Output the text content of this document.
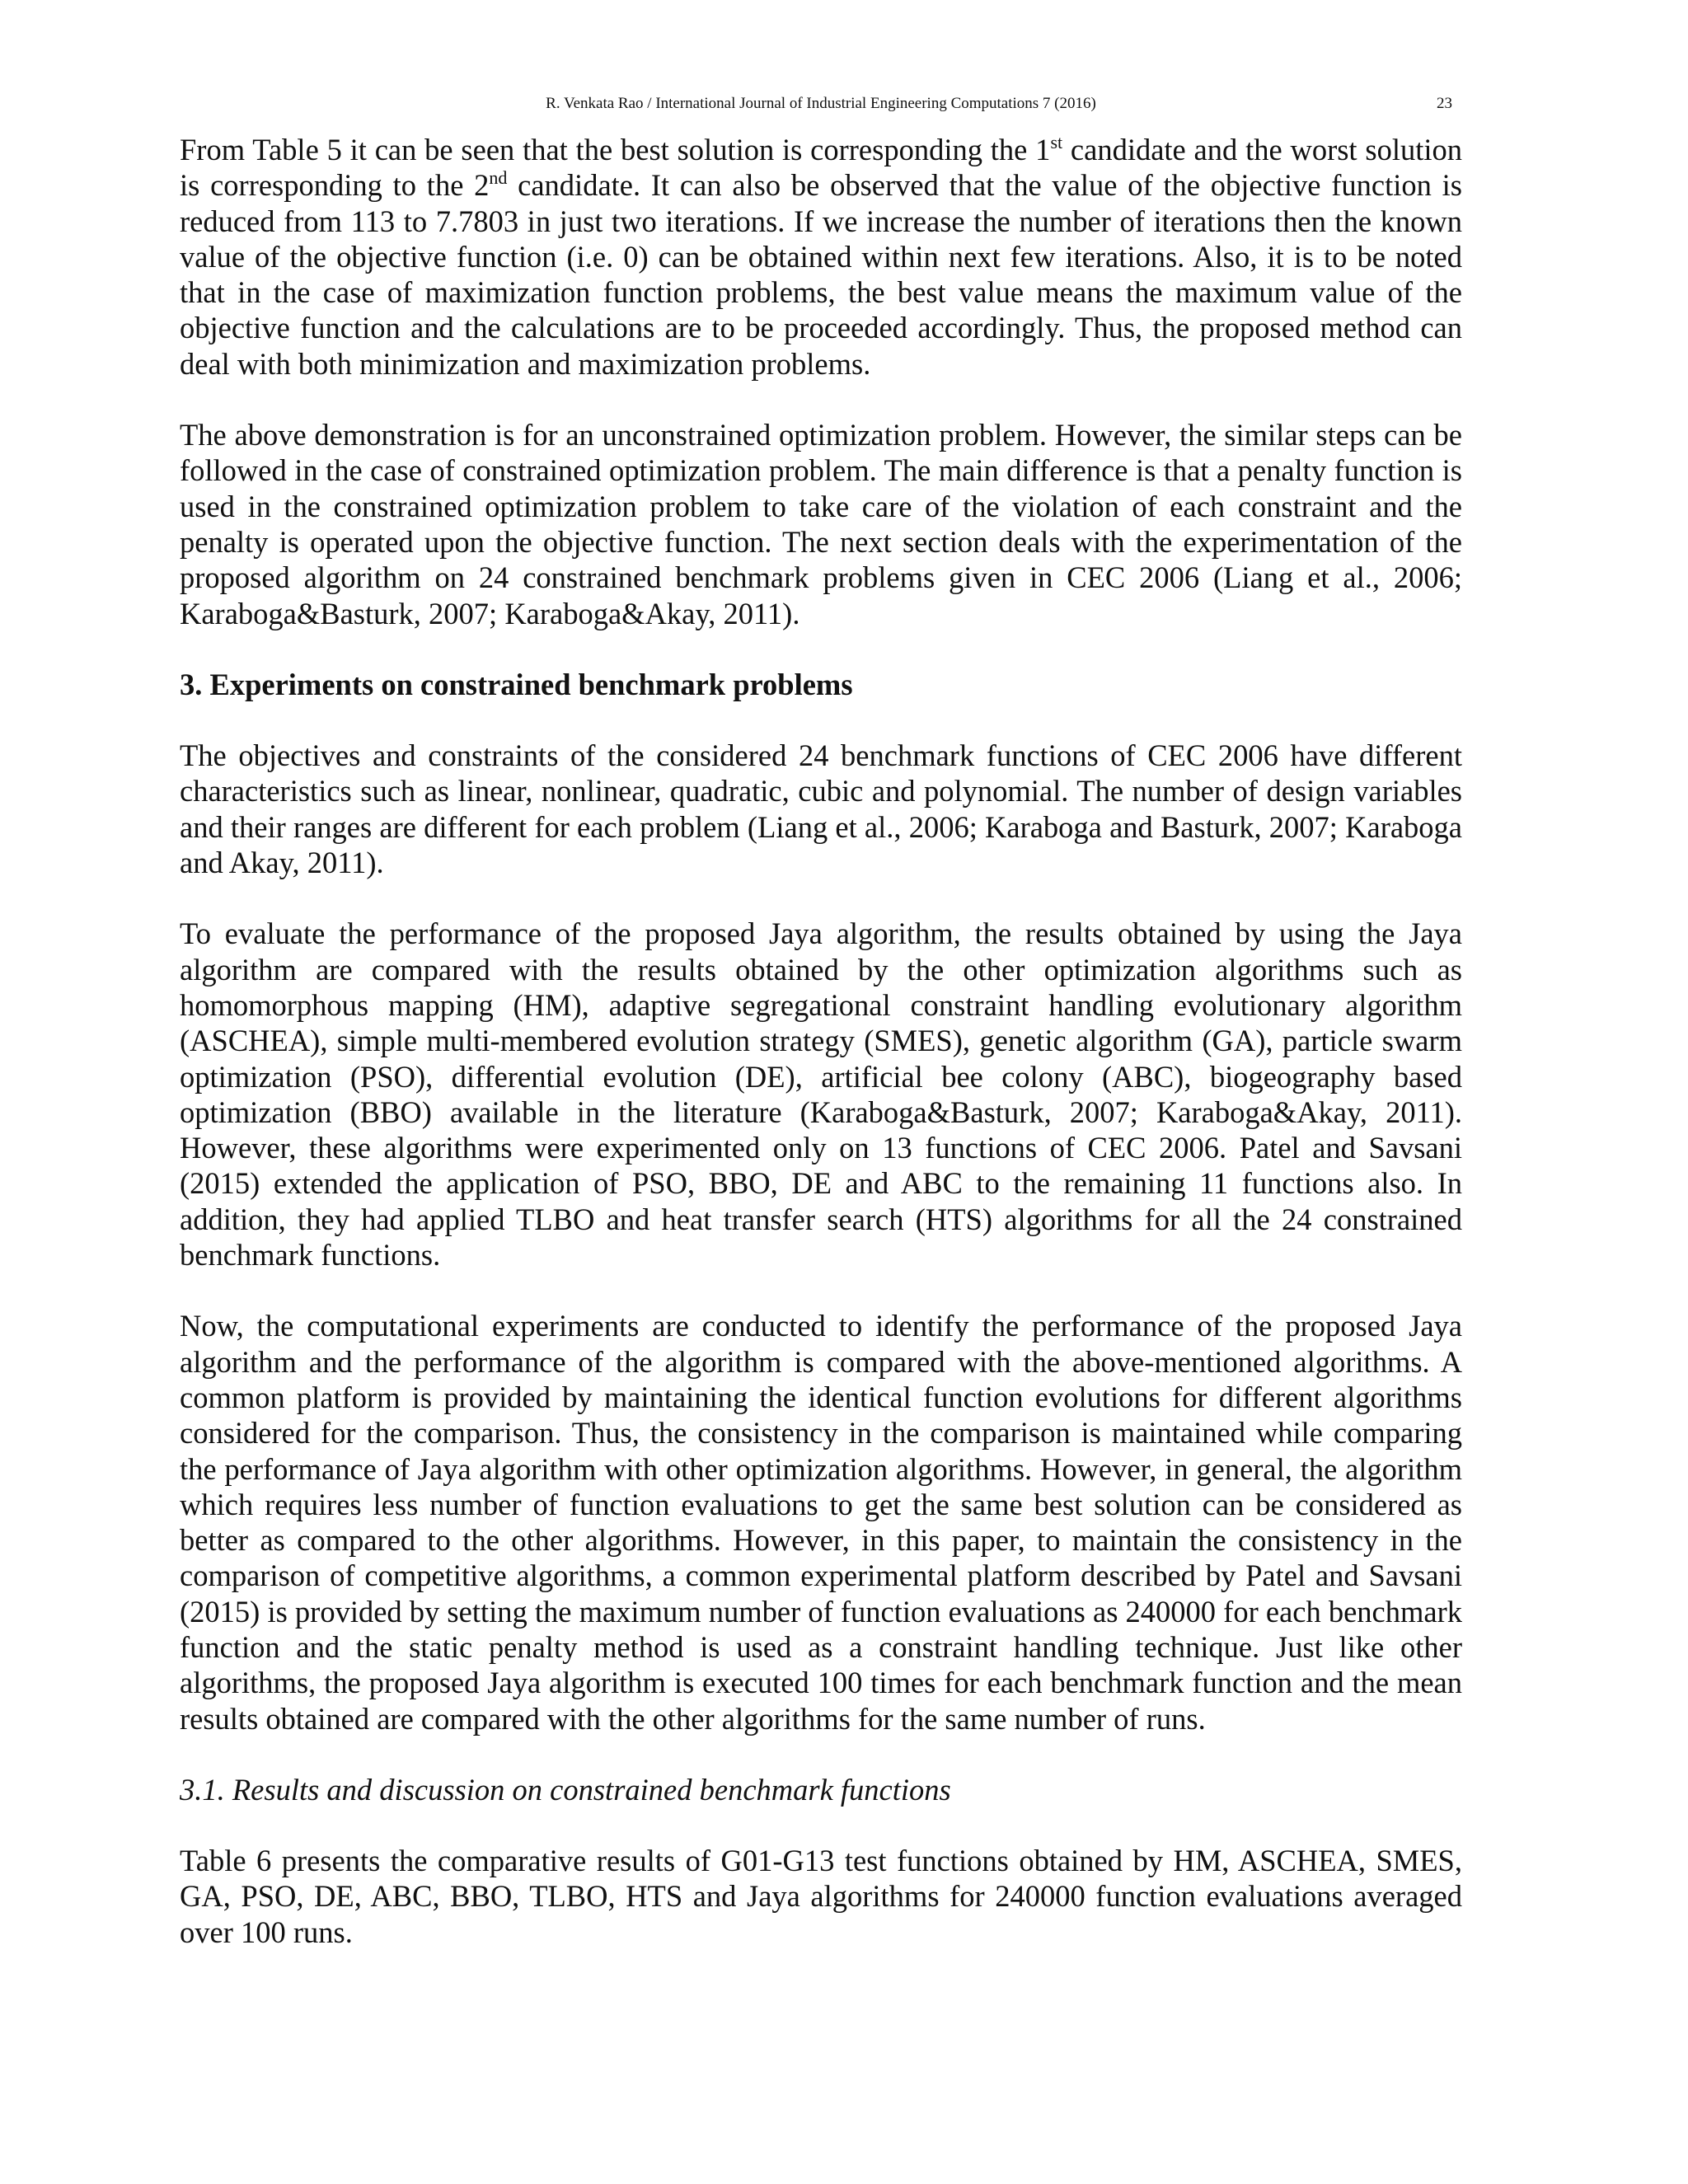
R. Venkata Rao / International Journal of Industrial Engineering Computations 7 (2016)	23

From Table 5 it can be seen that the best solution is corresponding the 1st candidate and the worst solution is corresponding to the 2nd candidate. It can also be observed that the value of the objective function is reduced from 113 to 7.7803 in just two iterations. If we increase the number of iterations then the known value of the objective function (i.e. 0) can be obtained within next few iterations. Also, it is to be noted that in the case of maximization function problems, the best value means the maximum value of the objective function and the calculations are to be proceeded accordingly. Thus, the proposed method can deal with both minimization and maximization problems.

The above demonstration is for an unconstrained optimization problem. However, the similar steps can be followed in the case of constrained optimization problem. The main difference is that a penalty function is used in the constrained optimization problem to take care of the violation of each constraint and the penalty is operated upon the objective function. The next section deals with the experimentation of the proposed algorithm on 24 constrained benchmark problems given in CEC 2006 (Liang et al., 2006; Karaboga&Basturk, 2007; Karaboga&Akay, 2011).

3. Experiments on constrained benchmark problems

The objectives and constraints of the considered 24 benchmark functions of CEC 2006 have different characteristics such as linear, nonlinear, quadratic, cubic and polynomial. The number of design variables and their ranges are different for each problem (Liang et al., 2006; Karaboga and Basturk, 2007; Karaboga and Akay, 2011).

To evaluate the performance of the proposed Jaya algorithm, the results obtained by using the Jaya algorithm are compared with the results obtained by the other optimization algorithms such as homomorphous mapping (HM), adaptive segregational constraint handling evolutionary algorithm (ASCHEA), simple multi-membered evolution strategy (SMES), genetic algorithm (GA), particle swarm optimization (PSO), differential evolution (DE), artificial bee colony (ABC), biogeography based optimization (BBO) available in the literature (Karaboga&Basturk, 2007; Karaboga&Akay, 2011). However, these algorithms were experimented only on 13 functions of CEC 2006. Patel and Savsani (2015) extended the application of PSO, BBO, DE and ABC to the remaining 11 functions also. In addition, they had applied TLBO and heat transfer search (HTS) algorithms for all the 24 constrained benchmark functions.

Now, the computational experiments are conducted to identify the performance of the proposed Jaya algorithm and the performance of the algorithm is compared with the above-mentioned algorithms. A common platform is provided by maintaining the identical function evolutions for different algorithms considered for the comparison. Thus, the consistency in the comparison is maintained while comparing the performance of Jaya algorithm with other optimization algorithms. However, in general, the algorithm which requires less number of function evaluations to get the same best solution can be considered as better as compared to the other algorithms. However, in this paper, to maintain the consistency in the comparison of competitive algorithms, a common experimental platform described by Patel and Savsani (2015) is provided by setting the maximum number of function evaluations as 240000 for each benchmark function and the static penalty method is used as a constraint handling technique. Just like other algorithms, the proposed Jaya algorithm is executed 100 times for each benchmark function and the mean results obtained are compared with the other algorithms for the same number of runs.

3.1. Results and discussion on constrained benchmark functions

Table 6 presents the comparative results of G01-G13 test functions obtained by HM, ASCHEA, SMES, GA, PSO, DE, ABC, BBO, TLBO, HTS and Jaya algorithms for 240000 function evaluations averaged over 100 runs.
